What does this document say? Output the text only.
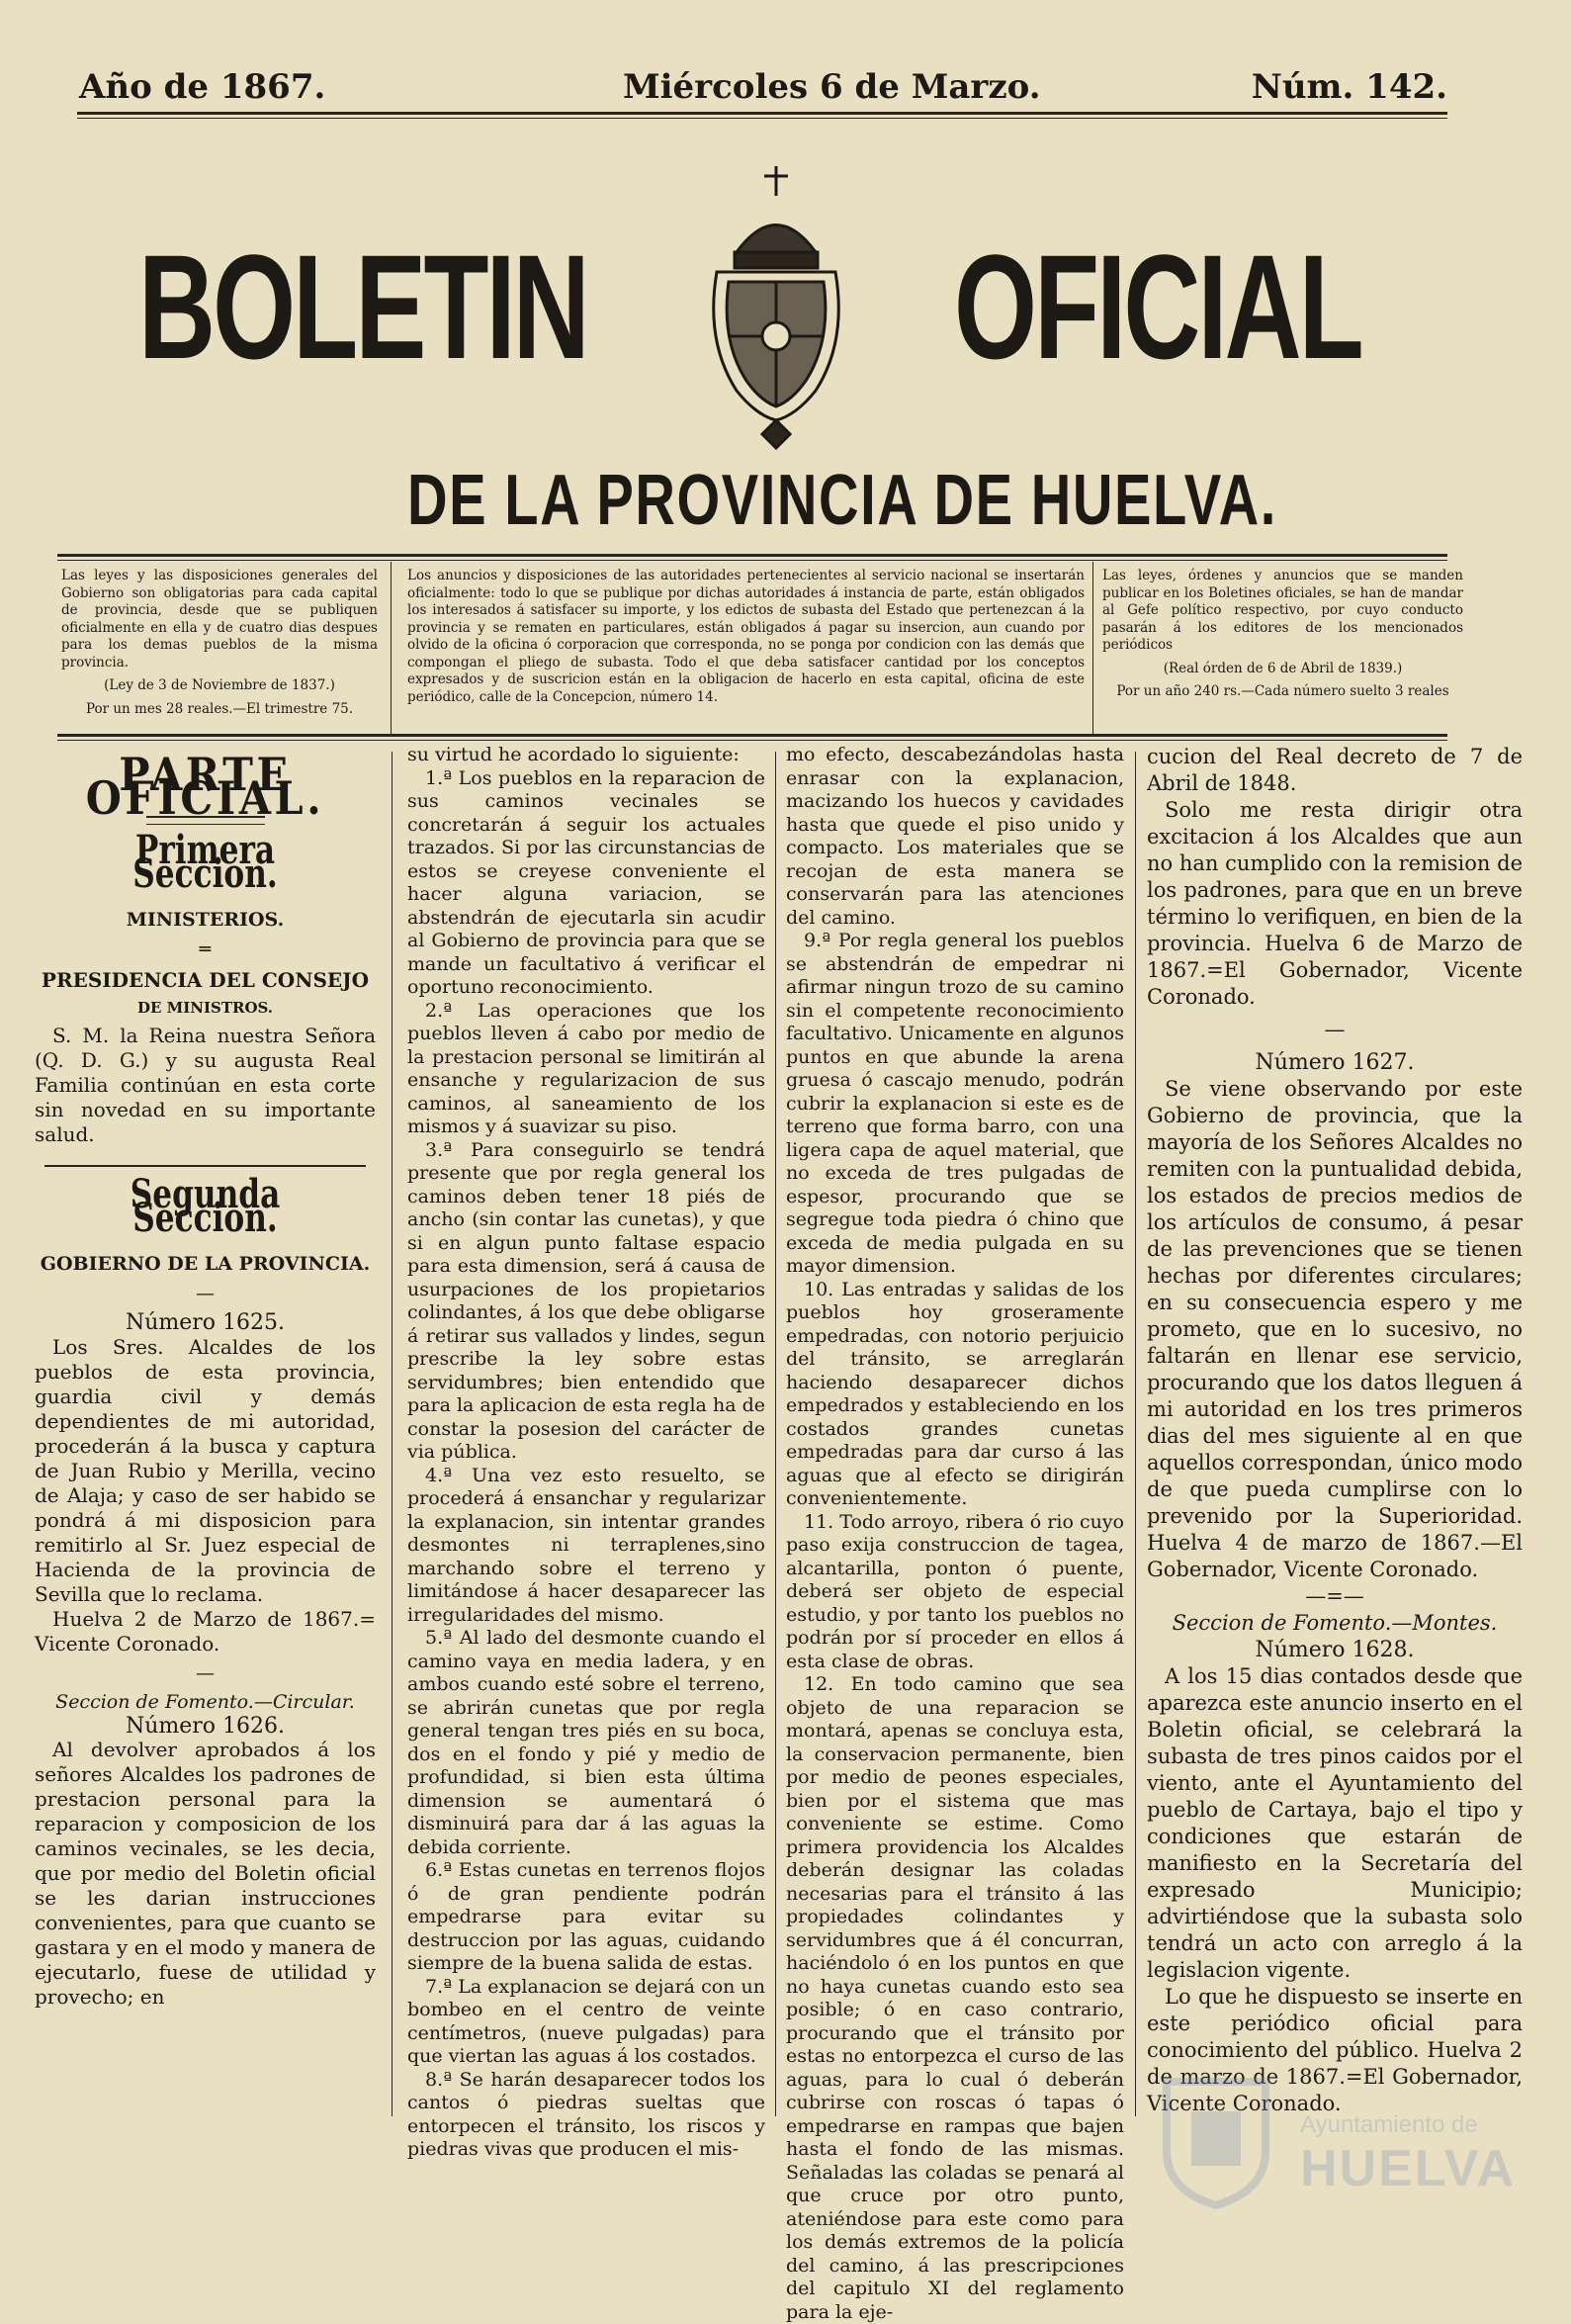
Año de 1867.	Miércoles 6 de Marzo.	Núm. 142.
BOLETIN OFICIAL
DE LA PROVINCIA DE HUELVA.

Las leyes y las disposiciones generales del Gobierno son obligatorias para cada capital de provincia, desde que se publiquen oficialmente en ella y de cuatro dias despues para los demas pueblos de la misma provincia.

(Ley de 3 de Noviembre de 1837.)

Por un mes 28 reales.—El trimestre 75.

Los anuncios y disposiciones de las autoridades pertenecientes al servicio nacional se insertarán oficialmente: todo lo que se publique por dichas autoridades á instancia de parte, están obligados los interesados á satisfacer su importe, y los edictos de subasta del Estado que pertenezcan á la provincia y se rematen en particulares, están obligados á pagar su insercion, aun cuando por olvido de la oficina ó corporacion que corresponda, no se ponga por condicion con las demás que compongan el pliego de subasta. Todo el que deba satisfacer cantidad por los conceptos expresados y de suscricion están en la obligacion de hacerlo en esta capital, oficina de este periódico, calle de la Concepcion, número 14.

Las leyes, órdenes y anuncios que se manden publicar en los Boletines oficiales, se han de mandar al Gefe político respectivo, por cuyo conducto pasarán á los editores de los mencionados periódicos

(Real órden de 6 de Abril de 1839.)

Por un año 240 rs.—Cada número suelto 3 reales

PARTE OFICIAL.
Primera Seccion.
MINISTERIOS.
═
PRESIDENCIA DEL CONSEJO
DE MINISTROS.

S. M. la Reina nuestra Señora (Q. D. G.) y su augusta Real Familia continúan en esta corte sin novedad en su importante salud.

Segunda Seccion.
GOBIERNO DE LA PROVINCIA.
—

Número 1625.

Los Sres. Alcaldes de los pueblos de esta provincia, guardia civil y demás dependientes de mi autoridad, procederán á la busca y captura de Juan Rubio y Merilla, vecino de Alaja; y caso de ser habido se pondrá á mi disposicion para remitirlo al Sr. Juez especial de Hacienda de la provincia de Sevilla que lo reclama.

Huelva 2 de Marzo de 1867.= Vicente Coronado.

—

Seccion de Fomento.—Circular.

Número 1626.

Al devolver aprobados á los señores Alcaldes los padrones de prestacion personal para la reparacion y composicion de los caminos vecinales, se les decia, que por medio del Boletin oficial se les darian instrucciones convenientes, para que cuanto se gastara y en el modo y manera de ejecutarlo, fuese de utilidad y provecho; en

su virtud he acordado lo siguiente:

1.ª Los pueblos en la reparacion de sus caminos vecinales se concretarán á seguir los actuales trazados. Si por las circunstancias de estos se creyese conveniente el hacer alguna variacion, se abstendrán de ejecutarla sin acudir al Gobierno de provincia para que se mande un facultativo á verificar el oportuno reconocimiento.

2.ª Las operaciones que los pueblos lleven á cabo por medio de la prestacion personal se limitirán al ensanche y regularizacion de sus caminos, al saneamiento de los mismos y á suavizar su piso.

3.ª Para conseguirlo se tendrá presente que por regla general los caminos deben tener 18 piés de ancho (sin contar las cunetas), y que si en algun punto faltase espacio para esta dimension, será á causa de usurpaciones de los propietarios colindantes, á los que debe obligarse á retirar sus vallados y lindes, segun prescribe la ley sobre estas servidumbres; bien entendido que para la aplicacion de esta regla ha de constar la posesion del carácter de via pública.

4.ª Una vez esto resuelto, se procederá á ensanchar y regularizar la explanacion, sin intentar grandes desmontes ni terraplenes,sino marchando sobre el terreno y limitándose á hacer desaparecer las irregularidades del mismo.

5.ª Al lado del desmonte cuando el camino vaya en media ladera, y en ambos cuando esté sobre el terreno, se abrirán cunetas que por regla general tengan tres piés en su boca, dos en el fondo y pié y medio de profundidad, si bien esta última dimension se aumentará ó disminuirá para dar á las aguas la debida corriente.

6.ª Estas cunetas en terrenos flojos ó de gran pendiente podrán empedrarse para evitar su destruccion por las aguas, cuidando siempre de la buena salida de estas.

7.ª La explanacion se dejará con un bombeo en el centro de veinte centímetros, (nueve pulgadas) para que viertan las aguas á los costados.

8.ª Se harán desaparecer todos los cantos ó piedras sueltas que entorpecen el tránsito, los riscos y piedras vivas que producen el mis-

mo efecto, descabezándolas hasta enrasar con la explanacion, macizando los huecos y cavidades hasta que quede el piso unido y compacto. Los materiales que se recojan de esta manera se conservarán para las atenciones del camino.

9.ª Por regla general los pueblos se abstendrán de empedrar ni afirmar ningun trozo de su camino sin el competente reconocimiento facultativo. Unicamente en algunos puntos en que abunde la arena gruesa ó cascajo menudo, podrán cubrir la explanacion si este es de terreno que forma barro, con una ligera capa de aquel material, que no exceda de tres pulgadas de espesor, procurando que se segregue toda piedra ó chino que exceda de media pulgada en su mayor dimension.

10. Las entradas y salidas de los pueblos hoy groseramente empedradas, con notorio perjuicio del tránsito, se arreglarán haciendo desaparecer dichos empedrados y estableciendo en los costados grandes cunetas empedradas para dar curso á las aguas que al efecto se dirigirán convenientemente.

11. Todo arroyo, ribera ó rio cuyo paso exija construccion de tagea, alcantarilla, ponton ó puente, deberá ser objeto de especial estudio, y por tanto los pueblos no podrán por sí proceder en ellos á esta clase de obras.

12. En todo camino que sea objeto de una reparacion se montará, apenas se concluya esta, la conservacion permanente, bien por medio de peones especiales, bien por el sistema que mas conveniente se estime. Como primera providencia los Alcaldes deberán designar las coladas necesarias para el tránsito á las propiedades colindantes y servidumbres que á él concurran, haciéndolo ó en los puntos en que no haya cunetas cuando esto sea posible; ó en caso contrario, procurando que el tránsito por estas no entorpezca el curso de las aguas, para lo cual ó deberán cubrirse con roscas ó tapas ó empedrarse en rampas que bajen hasta el fondo de las mismas. Señaladas las coladas se penará al que cruce por otro punto, ateniéndose para este como para los demás extremos de la policía del camino, á las prescripciones del capitulo XI del reglamento para la eje-

cucion del Real decreto de 7 de Abril de 1848.

Solo me resta dirigir otra excitacion á los Alcaldes que aun no han cumplido con la remision de los padrones, para que en un breve término lo verifiquen, en bien de la provincia. Huelva 6 de Marzo de 1867.=El Gobernador, Vicente Coronado.

—

Número 1627.

Se viene observando por este Gobierno de provincia, que la mayoría de los Señores Alcaldes no remiten con la puntualidad debida, los estados de precios medios de los artículos de consumo, á pesar de las prevenciones que se tienen hechas por diferentes circulares; en su consecuencia espero y me prometo, que en lo sucesivo, no faltarán en llenar ese servicio, procurando que los datos lleguen á mi autoridad en los tres primeros dias del mes siguiente al en que aquellos correspondan, único modo de que pueda cumplirse con lo prevenido por la Superioridad. Huelva 4 de marzo de 1867.—El Gobernador, Vicente Coronado.

—=—

Seccion de Fomento.—Montes.

Número 1628.

A los 15 dias contados desde que aparezca este anuncio inserto en el Boletin oficial, se celebrará la subasta de tres pinos caidos por el viento, ante el Ayuntamiento del pueblo de Cartaya, bajo el tipo y condiciones que estarán de manifiesto en la Secretaría del expresado Municipio; advirtiéndose que la subasta solo tendrá un acto con arreglo á la legislacion vigente.

Lo que he dispuesto se inserte en este periódico oficial para conocimiento del público. Huelva 2 de marzo de 1867.=El Gobernador, Vicente Coronado.

Ayuntamiento de
HUELVA
